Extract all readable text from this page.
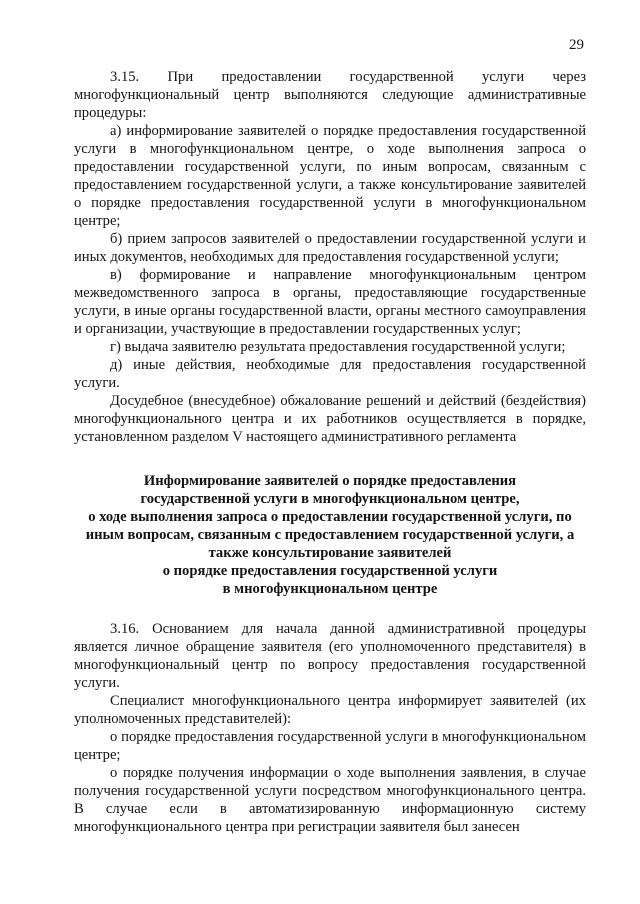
29

3.15. При предоставлении государственной услуги через многофункциональный центр выполняются следующие административные процедуры:

а) информирование заявителей о порядке предоставления государственной услуги в многофункциональном центре, о ходе выполнения запроса о предоставлении государственной услуги, по иным вопросам, связанным с предоставлением государственной услуги, а также консультирование заявителей о порядке предоставления государственной услуги в многофункциональном центре;

б) прием запросов заявителей о предоставлении государственной услуги и иных документов, необходимых для предоставления государственной услуги;

в) формирование и направление многофункциональным центром межведомственного запроса в органы, предоставляющие государственные услуги, в иные органы государственной власти, органы местного самоуправления и организации, участвующие в предоставлении государственных услуг;

г) выдача заявителю результата предоставления государственной услуги;

д) иные действия, необходимые для предоставления государственной услуги.

Досудебное (внесудебное) обжалование решений и действий (бездействия) многофункционального центра и их работников осуществляется в порядке, установленном разделом V настоящего административного регламента

Информирование заявителей о порядке предоставления
государственной услуги в многофункциональном центре,
о ходе выполнения запроса о предоставлении государственной услуги, по
иным вопросам, связанным с предоставлением государственной услуги, а
также консультирование заявителей
о порядке предоставления государственной услуги
в многофункциональном центре

3.16. Основанием для начала данной административной процедуры является личное обращение заявителя (его уполномоченного представителя) в многофункциональный центр по вопросу предоставления государственной услуги.

Специалист многофункционального центра информирует заявителей (их уполномоченных представителей):

о порядке предоставления государственной услуги в многофункциональном центре;

о порядке получения информации о ходе выполнения заявления, в случае получения государственной услуги посредством многофункционального центра. В случае если в автоматизированную информационную систему многофункционального центра при регистрации заявителя был занесен
